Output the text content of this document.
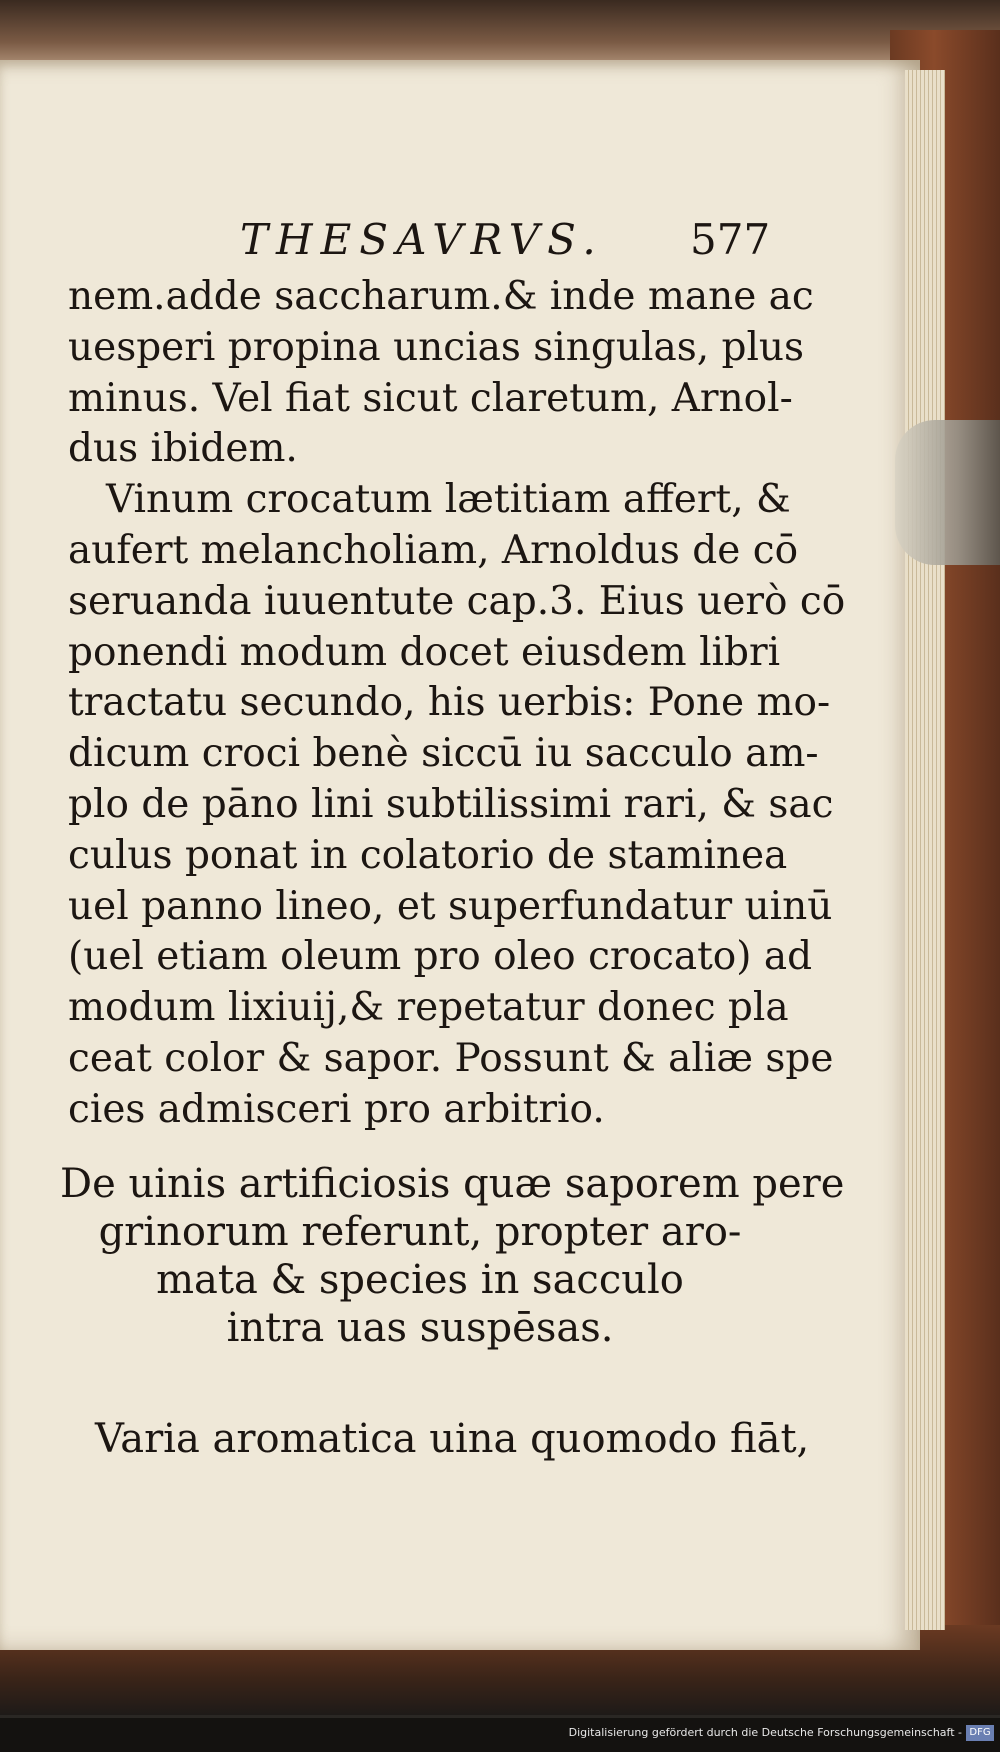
THESAVRVS. 577
nem.adde saccharum.& inde mane ac
uesperi propina uncias singulas, plus
minus. Vel fiat sicut claretum, Arnol-
dus ibidem.
Vinum crocatum lætitiam affert, &
aufert melancholiam, Arnoldus de cō
seruanda iuuentute cap.3. Eius uerò cō
ponendi modum docet eiusdem libri
tractatu secundo, his uerbis: Pone mo-
dicum croci benè siccū iu sacculo am-
plo de pāno lini subtilissimi rari, & sac
culus ponat in colatorio de staminea
uel panno lineo, et superfundatur uinū
(uel etiam oleum pro oleo crocato) ad
modum lixiuij,& repetatur donec pla
ceat color & sapor. Possunt & aliæ spe
cies admisceri pro arbitrio.
De uinis artificiosis quæ saporem pere
grinorum referunt, propter aro-
mata & species in sacculo
intra uas suspēsas.
Varia aromatica uina quomodo fiāt,
Digitalisierung gefördert durch die Deutsche Forschungsgemeinschaft - DFG
